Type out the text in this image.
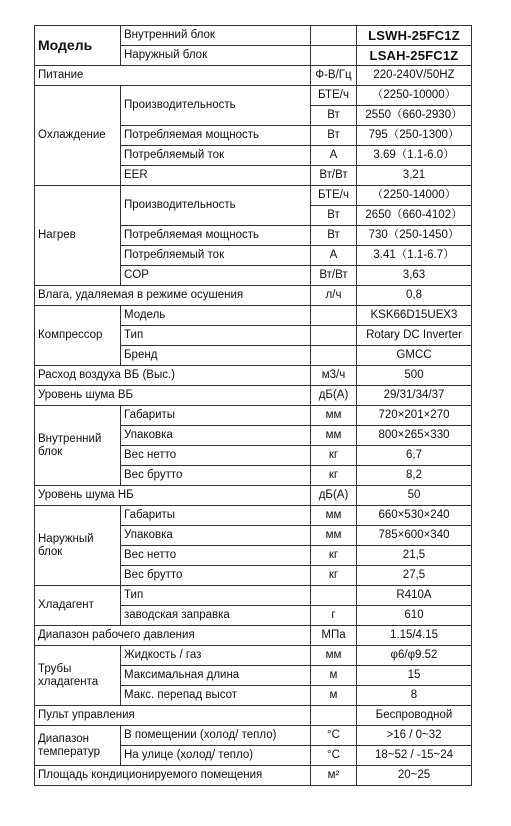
Модель	Внутренний блок		LSWH-25FC1Z
	Наружный блок		LSAH-25FC1Z
Питание		Ф-В/Гц	220-240V/50HZ
Охлаждение	Производительность	БТЕ/ч	（2250-10000）
		Вт	2550（660-2930）
	Потребляемая мощность	Вт	795（250-1300）
	Потребляемый ток	А	3.69（1.1-6.0）
	EER	Вт/Вт	3,21
Нагрев	Производительность	БТЕ/ч	（2250-14000）
		Вт	2650（660-4102）
	Потребляемая мощность	Вт	730（250-1450）
	Потребляемый ток	А	3.41（1.1-6.7）
	COP	Вт/Вт	3,63
Влага, удаляемая в режиме осушения		л/ч	0,8
Компрессор	Модель		KSK66D15UEX3
	Тип		Rotary DC Inverter
	Бренд		GMCC
Расход воздуха ВБ (Выс.)		м3/ч	500
Уровень шума ВБ		дБ(А)	29/31/34/37
Внутренний блок	Габариты	мм	720×201×270
	Упаковка	мм	800×265×330
	Вес нетто	кг	6,7
	Вес брутто	кг	8,2
Уровень шума НБ		дБ(А)	50
Наружный блок	Габариты	мм	660×530×240
	Упаковка	мм	785×600×340
	Вес нетто	кг	21,5
	Вес брутто	кг	27,5
Хладагент	Тип		R410A
	заводская заправка	г	610
Диапазон рабочего давления		МПа	1.15/4.15
Трубы хладагента	Жидкость / газ	мм	φ6/φ9.52
	Максимальная длина	м	15
	Макс. перепад высот	м	8
Пульт управления			Беспроводной
Диапазон температур	В помещении (холод/ тепло)	°C	>16 / 0~32
	На улице (холод/ тепло)	°C	18~52 / -15~24
Площадь кондиционируемого помещения		м²	20~25
